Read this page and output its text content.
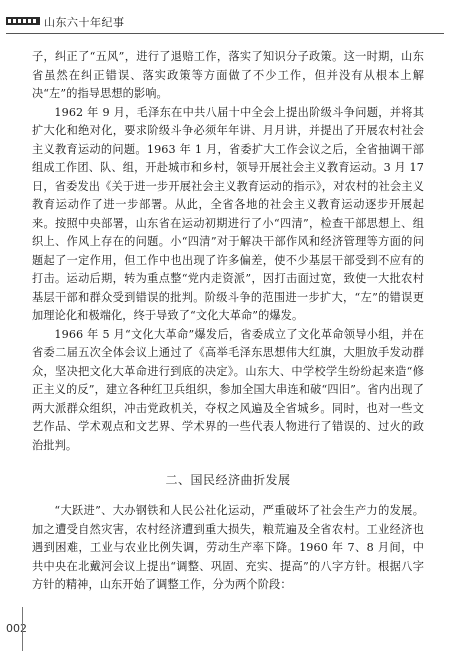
山东六十年纪事

子，纠正了“五风”，进行了退赔工作，落实了知识分子政策。这一时期，山东省虽然在纠正错误、落实政策等方面做了不少工作，但并没有从根本上解决“左”的指导思想的影响。

1962 年 9 月，毛泽东在中共八届十中全会上提出阶级斗争问题，并将其扩大化和绝对化，要求阶级斗争必须年年讲、月月讲，并提出了开展农村社会主义教育运动的问题。1963 年 1 月，省委扩大工作会议之后，全省抽调干部组成工作团、队、组，开赴城市和乡村，领导开展社会主义教育运动。3 月 17 日，省委发出《关于进一步开展社会主义教育运动的指示》，对农村的社会主义教育运动作了进一步部署。从此，全省各地的社会主义教育运动逐步开展起来。按照中央部署，山东省在运动初期进行了小“四清”，检查干部思想上、组织上、作风上存在的问题。小“四清”对于解决干部作风和经济管理等方面的问题起了一定作用，但工作中也出现了许多偏差，使不少基层干部受到不应有的打击。运动后期，转为重点整“党内走资派”，因打击面过宽，致使一大批农村基层干部和群众受到错误的批判。阶级斗争的范围进一步扩大，“左”的错误更加理论化和极端化，终于导致了“文化大革命”的爆发。

1966 年 5 月“文化大革命”爆发后，省委成立了文化革命领导小组，并在省委二届五次全体会议上通过了《高举毛泽东思想伟大红旗，大胆放手发动群众，坚决把文化大革命进行到底的决定》。山东大、中学校学生纷纷起来造“修正主义的反”，建立各种红卫兵组织，参加全国大串连和破“四旧”。省内出现了两大派群众组织，冲击党政机关，夺权之风遍及全省城乡。同时，也对一些文艺作品、学术观点和文艺界、学术界的一些代表人物进行了错误的、过火的政治批判。

二、国民经济曲折发展

“大跃进”、大办钢铁和人民公社化运动，严重破坏了社会生产力的发展。加之遭受自然灾害，农村经济遭到重大损失，粮荒遍及全省农村。工业经济也遇到困难，工业与农业比例失调，劳动生产率下降。1960 年 7、8 月间，中共中央在北戴河会议上提出“调整、巩固、充实、提高”的八字方针。根据八字方针的精神，山东开始了调整工作，分为两个阶段：

002
